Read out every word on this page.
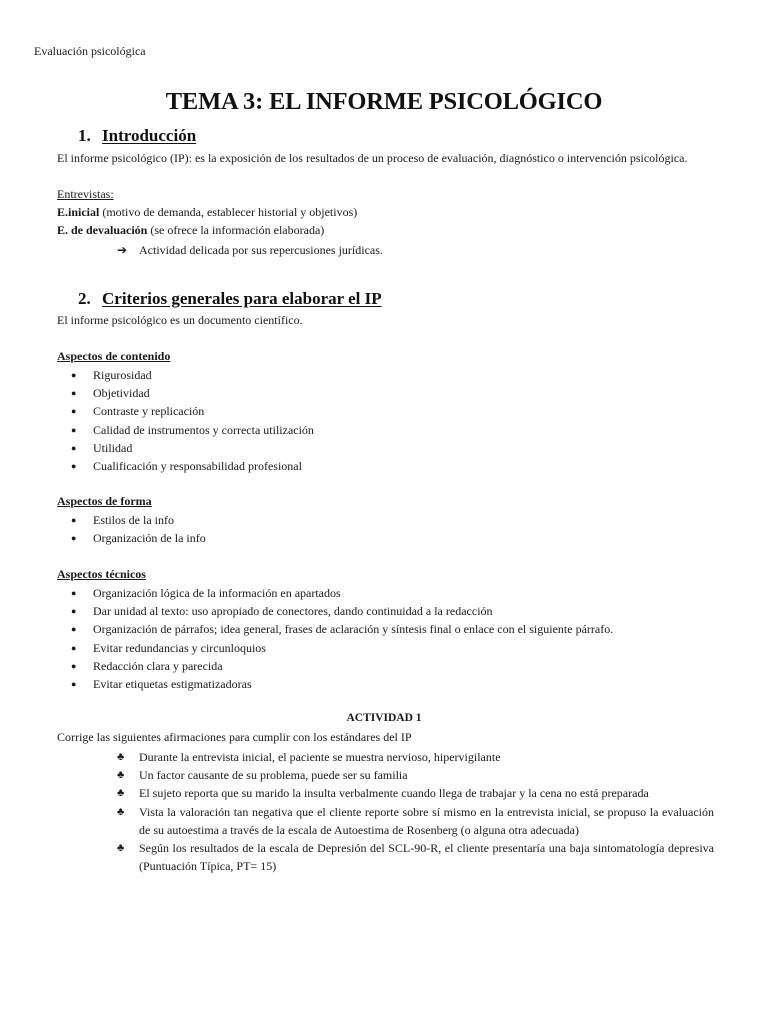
Evaluación psicológica
TEMA 3: EL INFORME PSICOLÓGICO
1. Introducción
El informe psicológico (IP): es la exposición de los resultados de un proceso de evaluación, diagnóstico o intervención psicológica.
Entrevistas:
E.inicial (motivo de demanda, establecer historial y objetivos)
E. de devaluación (se ofrece la información elaborada)
➔ Actividad delicada por sus repercusiones jurídicas.
2. Criterios generales para elaborar el IP
El informe psicológico es un documento científico.
Aspectos de contenido
● Rigurosidad
● Objetividad
● Contraste y replicación
● Calidad de instrumentos y correcta utilización
● Utilidad
● Cualificación y responsabilidad profesional
Aspectos de forma
● Estilos de la info
● Organización de la info
Aspectos técnicos
● Organización lógica de la información en apartados
● Dar unidad al texto: uso apropiado de conectores, dando continuidad a la redacción
● Organización de párrafos; idea general, frases de aclaración y síntesis final o enlace con el siguiente párrafo.
● Evitar redundancias y circunloquios
● Redacción clara y parecida
● Evitar etiquetas estigmatizadoras
ACTIVIDAD 1
Corrige las siguientes afirmaciones para cumplir con los estándares del IP
♣ Durante la entrevista inicial, el paciente se muestra nervioso, hipervigilante
♣ Un factor causante de su problema, puede ser su familia
♣ El sujeto reporta que su marido la insulta verbalmente cuando llega de trabajar y la cena no está preparada
♣ Vista la valoración tan negativa que el cliente reporte sobre sí mismo en la entrevista inicial, se propuso la evaluación de su autoestima a través de la escala de Autoestima de Rosenberg (o alguna otra adecuada)
♣ Según los resultados de la escala de Depresión del SCL-90-R, el cliente presentaría una baja sintomatología depresiva (Puntuación Típica, PT= 15)
